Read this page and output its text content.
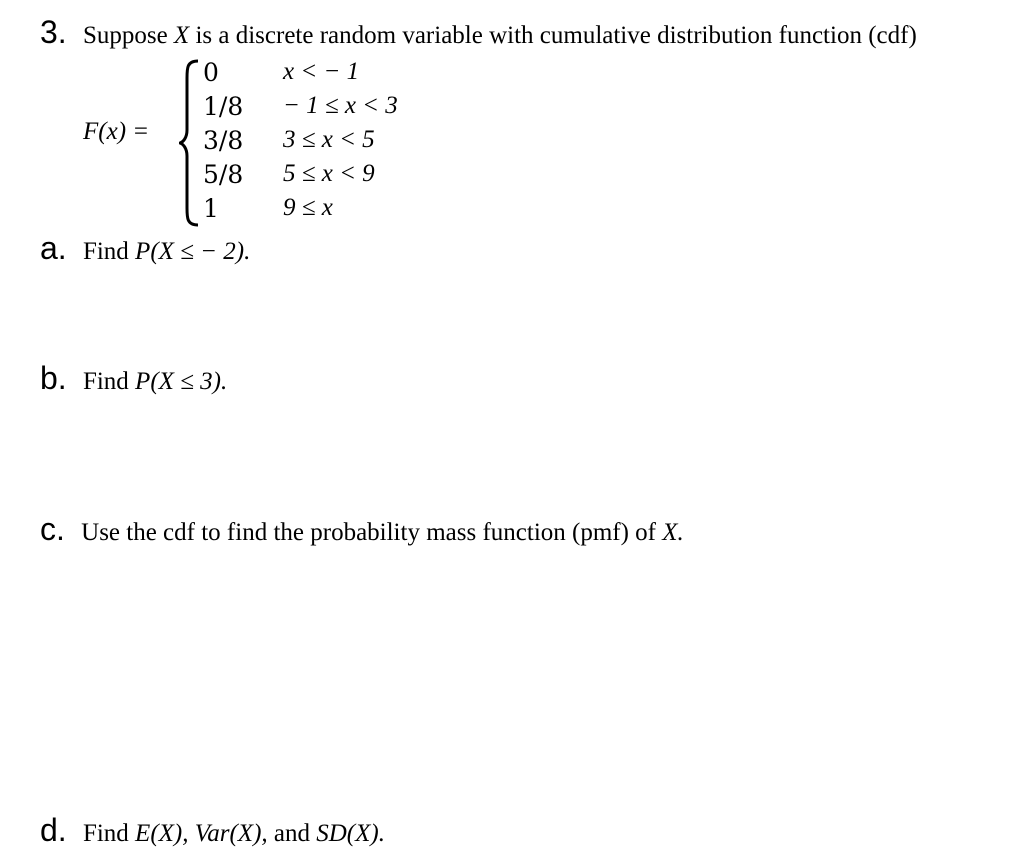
3. Suppose X is a discrete random variable with cumulative distribution function (cdf)
F(x) =
0	x < − 1
1/8 − 1 ≤ x < 3
3/8 3 ≤ x < 5
5/8 5 ≤ x < 9
1	9 ≤ x
a. Find P(X ≤ − 2).
b. Find P(X ≤ 3).
c. Use the cdf to find the probability mass function (pmf) of X.
d. Find E(X), Var(X), and SD(X).
